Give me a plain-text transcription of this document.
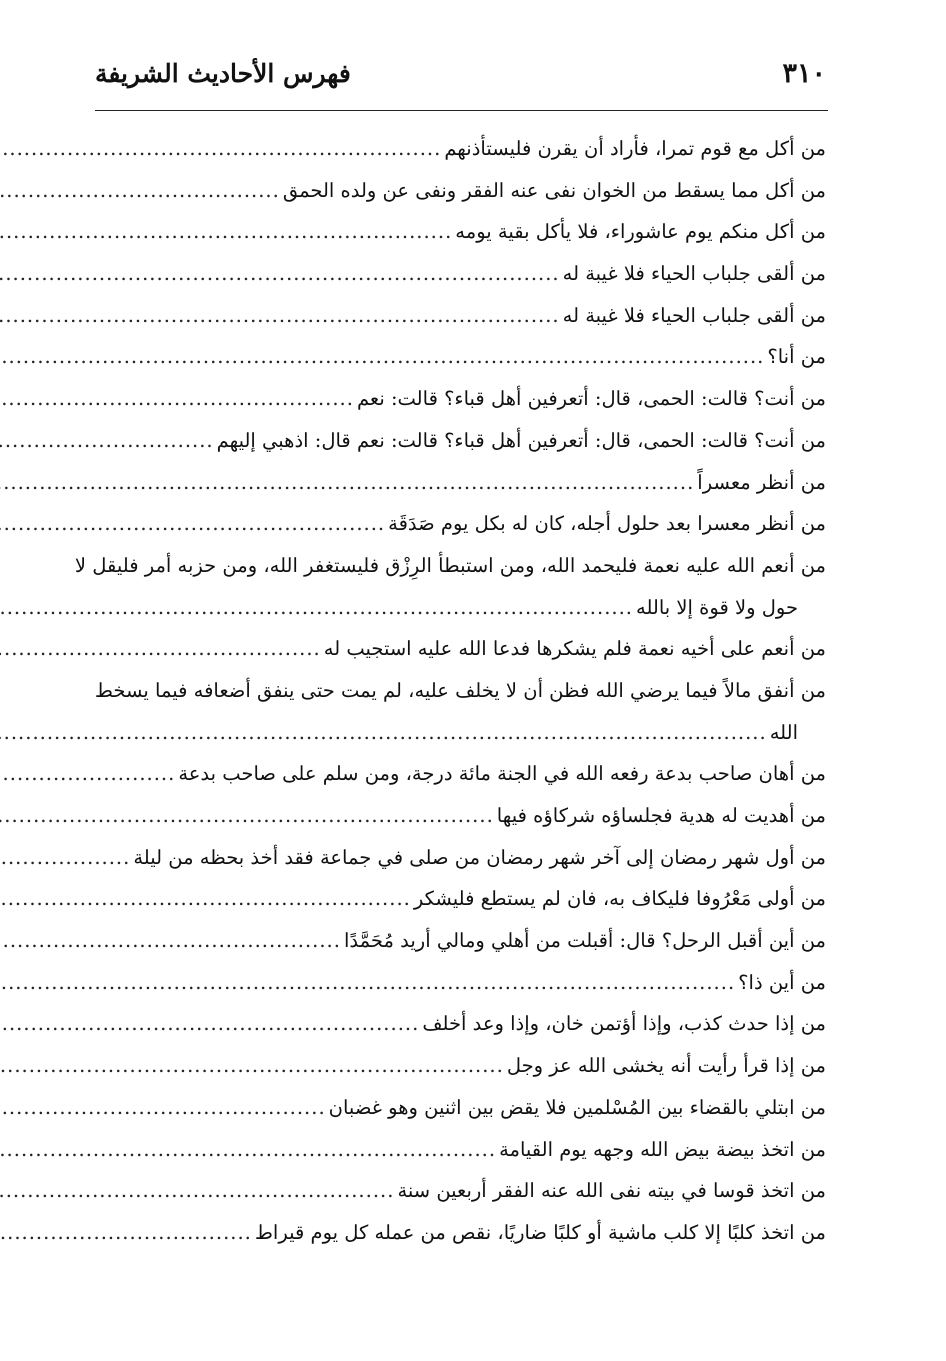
٣١٠
فهرس الأحاديث الشريفة
من أكل مع قوم تمرا، فأراد أن يقرن فليستأذنهم
.....
من أكل مما يسقط من الخوان نفى عنه الفقر ونفى عن ولده الحمق
.....
من أكل منكم يوم عاشوراء، فلا يأكل بقية يومه
.....
من ألقى جلباب الحياء فلا غيبة له
.....
من ألقى جلباب الحياء فلا غيبة له
.....
من أنا؟
.....
من أنت؟ قالت: الحمى، قال: أتعرفين أهل قباء؟ قالت: نعم
.....
من أنت؟ قالت: الحمى، قال: أتعرفين أهل قباء؟ قالت: نعم قال: اذهبي إليهم
.....
من أنظر معسراً
.....
من أنظر معسرا بعد حلول أجله، كان له بكل يوم صَدَقَة
.....
من أنعم الله عليه نعمة فليحمد الله، ومن استبطأ الرِزْق فليستغفر الله، ومن حزبه أمر فليقل لا
حول ولا قوة إلا بالله
.....
من أنعم على أخيه نعمة فلم يشكرها فدعا الله عليه استجيب له
.....
من أنفق مالاً فيما يرضي الله فظن أن لا يخلف عليه، لم يمت حتى ينفق أضعافه فيما يسخط
الله
.....
من أهان صاحب بدعة رفعه الله في الجنة مائة درجة، ومن سلم على صاحب بدعة
.....
من أهديت له هدية فجلساؤه شركاؤه فيها
.....
من أول شهر رمضان إلى آخر شهر رمضان من صلى في جماعة فقد أخذ بحظه من ليلة
.....
من أولى مَعْرُوفا فليكاف به، فان لم يستطع فليشكر
.....
من أين أقبل الرحل؟ قال: أقبلت من أهلي ومالي أريد مُحَمَّدًا
.....
من أين ذا؟
.....
من إذا حدث كذب، وإذا أؤتمن خان، وإذا وعد أخلف
.....
من إذا قرأ رأيت أنه يخشى الله عز وجل
.....
من ابتلي بالقضاء بين المُسْلمين فلا يقض بين اثنين وهو غضبان
.....
من اتخذ بيضة بيض الله وجهه يوم القيامة
.....
من اتخذ قوسا في بيته نفى الله عنه الفقر أربعين سنة
.....
من اتخذ كلبًا إلا كلب ماشية أو كلبًا ضاريًا، نقص من عمله كل يوم قيراط
.....
